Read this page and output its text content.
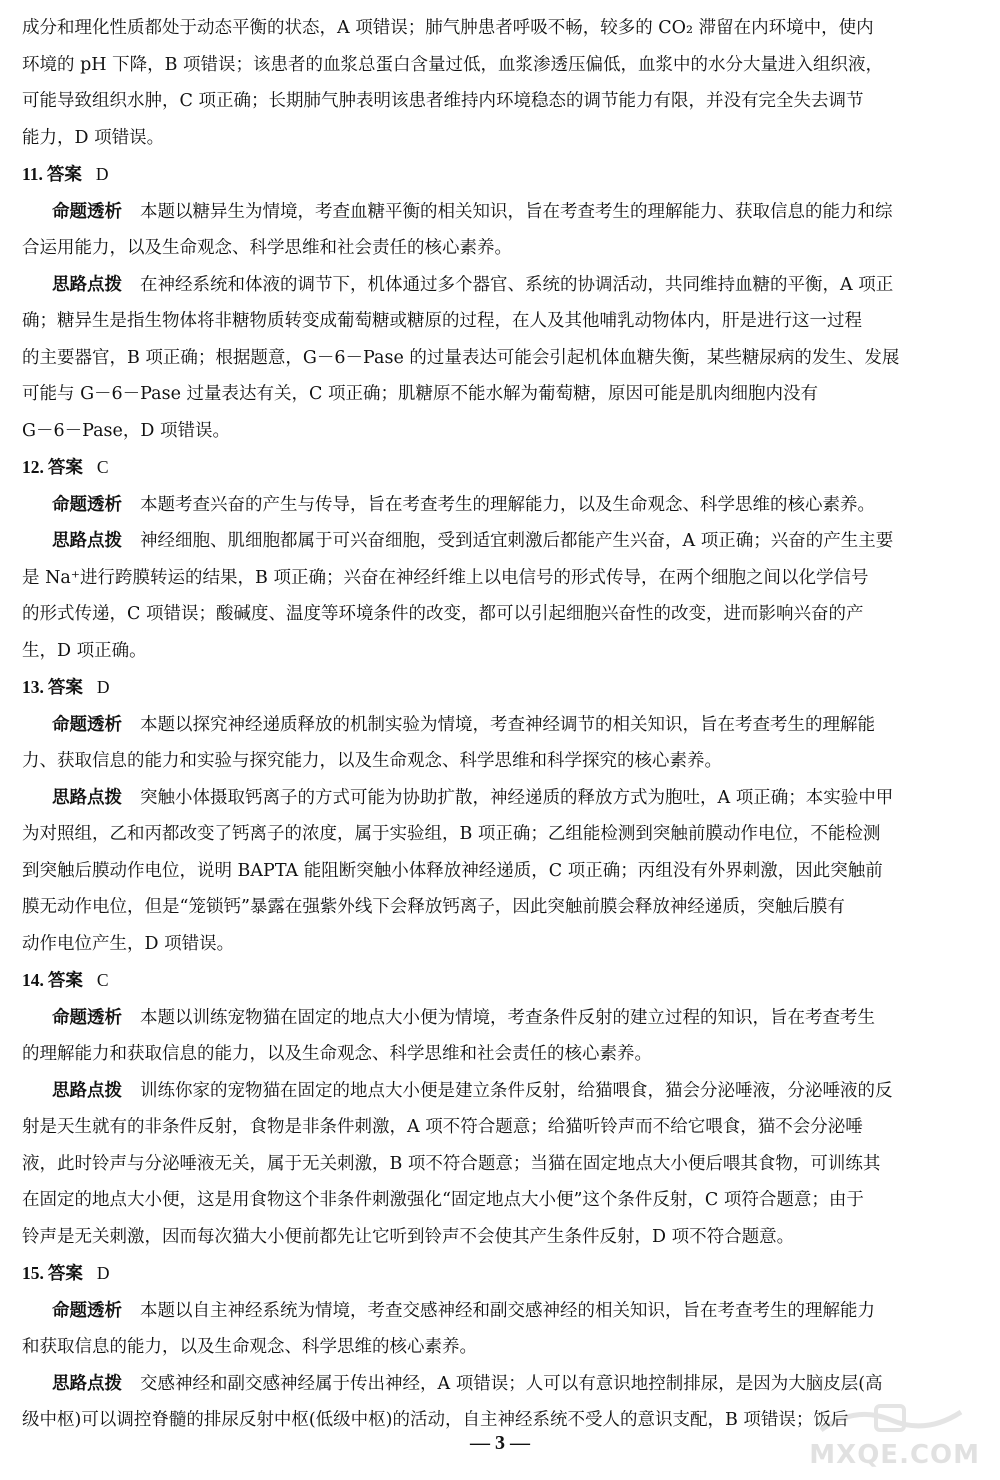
成分和理化性质都处于动态平衡的状态，A 项错误；肺气肿患者呼吸不畅，较多的 CO₂ 滞留在内环境中，使内

环境的 pH 下降，B 项错误；该患者的血浆总蛋白含量过低，血浆渗透压偏低，血浆中的水分大量进入组织液，

可能导致组织水肿，C 项正确；长期肺气肿表明该患者维持内环境稳态的调节能力有限，并没有完全失去调节

能力，D 项错误。

11. 答案 D

命题透析 本题以糖异生为情境，考查血糖平衡的相关知识，旨在考查考生的理解能力、获取信息的能力和综

合运用能力，以及生命观念、科学思维和社会责任的核心素养。

思路点拨 在神经系统和体液的调节下，机体通过多个器官、系统的协调活动，共同维持血糖的平衡，A 项正

确；糖异生是指生物体将非糖物质转变成葡萄糖或糖原的过程，在人及其他哺乳动物体内，肝是进行这一过程

的主要器官，B 项正确；根据题意，G－6－Pase 的过量表达可能会引起机体血糖失衡，某些糖尿病的发生、发展

可能与 G－6－Pase 过量表达有关，C 项正确；肌糖原不能水解为葡萄糖，原因可能是肌肉细胞内没有

G－6－Pase，D 项错误。

12. 答案 C

命题透析 本题考查兴奋的产生与传导，旨在考查考生的理解能力，以及生命观念、科学思维的核心素养。

思路点拨 神经细胞、肌细胞都属于可兴奋细胞，受到适宜刺激后都能产生兴奋，A 项正确；兴奋的产生主要

是 Na⁺进行跨膜转运的结果，B 项正确；兴奋在神经纤维上以电信号的形式传导，在两个细胞之间以化学信号

的形式传递，C 项错误；酸碱度、温度等环境条件的改变，都可以引起细胞兴奋性的改变，进而影响兴奋的产

生，D 项正确。

13. 答案 D

命题透析 本题以探究神经递质释放的机制实验为情境，考查神经调节的相关知识，旨在考查考生的理解能

力、获取信息的能力和实验与探究能力，以及生命观念、科学思维和科学探究的核心素养。

思路点拨 突触小体摄取钙离子的方式可能为协助扩散，神经递质的释放方式为胞吐，A 项正确；本实验中甲

为对照组，乙和丙都改变了钙离子的浓度，属于实验组，B 项正确；乙组能检测到突触前膜动作电位，不能检测

到突触后膜动作电位，说明 BAPTA 能阻断突触小体释放神经递质，C 项正确；丙组没有外界刺激，因此突触前

膜无动作电位，但是“笼锁钙”暴露在强紫外线下会释放钙离子，因此突触前膜会释放神经递质，突触后膜有

动作电位产生，D 项错误。

14. 答案 C

命题透析 本题以训练宠物猫在固定的地点大小便为情境，考查条件反射的建立过程的知识，旨在考查考生

的理解能力和获取信息的能力，以及生命观念、科学思维和社会责任的核心素养。

思路点拨 训练你家的宠物猫在固定的地点大小便是建立条件反射，给猫喂食，猫会分泌唾液，分泌唾液的反

射是天生就有的非条件反射，食物是非条件刺激，A 项不符合题意；给猫听铃声而不给它喂食，猫不会分泌唾

液，此时铃声与分泌唾液无关，属于无关刺激，B 项不符合题意；当猫在固定地点大小便后喂其食物，可训练其

在固定的地点大小便，这是用食物这个非条件刺激强化“固定地点大小便”这个条件反射，C 项符合题意；由于

铃声是无关刺激，因而每次猫大小便前都先让它听到铃声不会使其产生条件反射，D 项不符合题意。

15. 答案 D

命题透析 本题以自主神经系统为情境，考查交感神经和副交感神经的相关知识，旨在考查考生的理解能力

和获取信息的能力，以及生命观念、科学思维的核心素养。

思路点拨 交感神经和副交感神经属于传出神经，A 项错误；人可以有意识地控制排尿，是因为大脑皮层(高

级中枢)可以调控脊髓的排尿反射中枢(低级中枢)的活动，自主神经系统不受人的意识支配，B 项错误；饭后

— 3 —	MXQE.COM
